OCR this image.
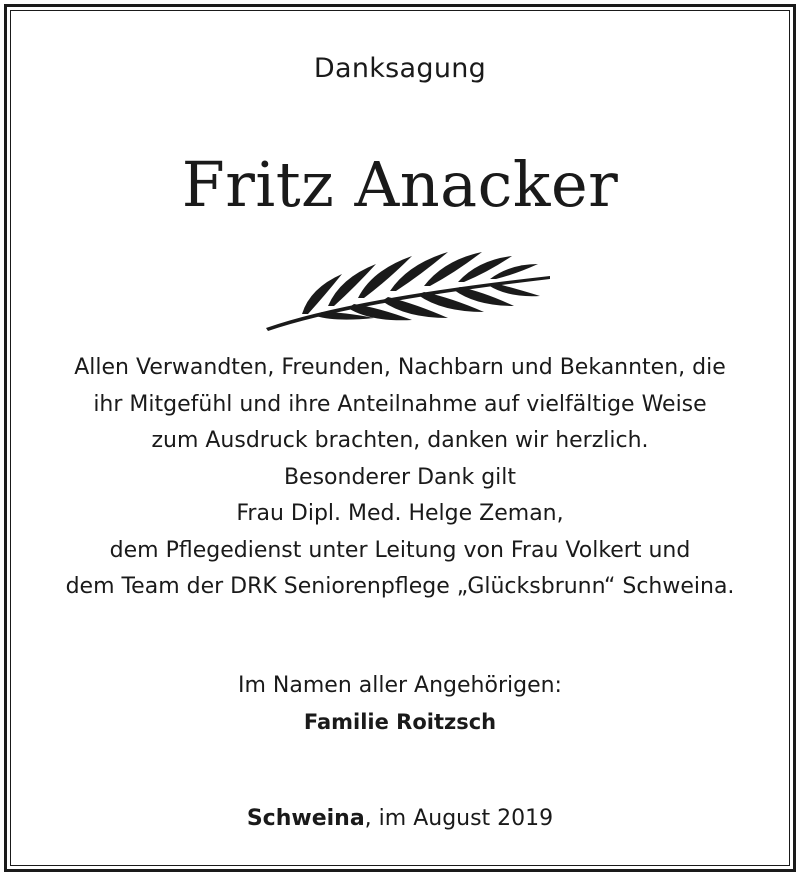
Danksagung
Fritz Anacker
Allen Verwandten, Freunden, Nachbarn und Bekannten, die
ihr Mitgefühl und ihre Anteilnahme auf vielfältige Weise
zum Ausdruck brachten, danken wir herzlich.
Besonderer Dank gilt
Frau Dipl. Med. Helge Zeman,
dem Pflegedienst unter Leitung von Frau Volkert und
dem Team der DRK Seniorenpflege „Glücksbrunn“ Schweina.
Im Namen aller Angehörigen:
Familie Roitzsch
Schweina, im August 2019
